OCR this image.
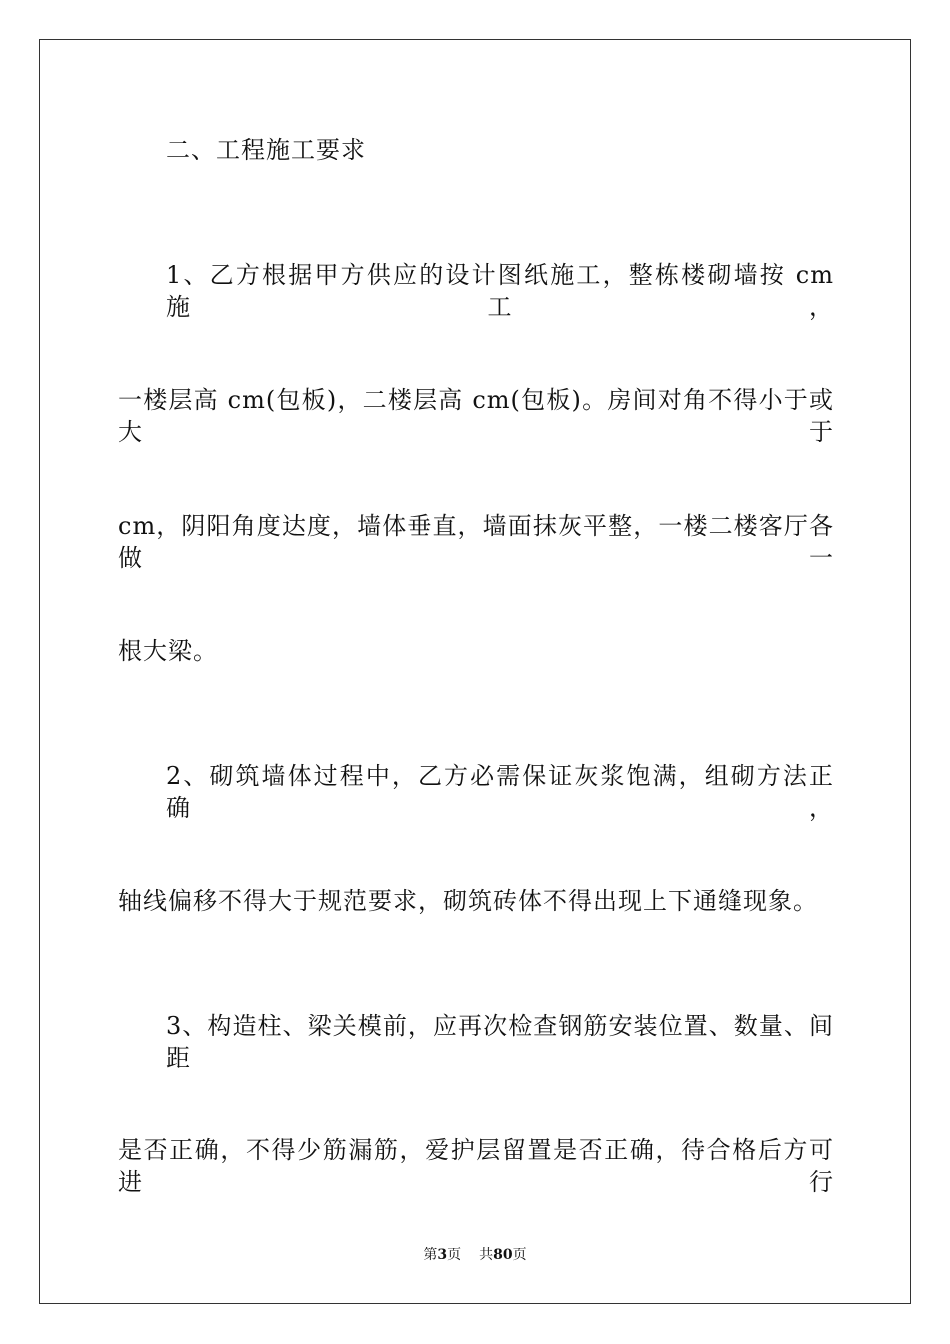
二、工程施工要求
1、乙方根据甲方供应的设计图纸施工，整栋楼砌墙按 cm 施工，
一楼层高 cm(包板)，二楼层高 cm(包板)。房间对角不得小于或大于
cm，阴阳角度达度，墙体垂直，墙面抹灰平整，一楼二楼客厅各做一
根大梁。
2、砌筑墙体过程中，乙方必需保证灰浆饱满，组砌方法正确，
轴线偏移不得大于规范要求，砌筑砖体不得出现上下通缝现象。
3、构造柱、梁关模前，应再次检查钢筋安装位置、数量、间距
是否正确，不得少筋漏筋，爱护层留置是否正确，待合格后方可进行
第3页 共80页
